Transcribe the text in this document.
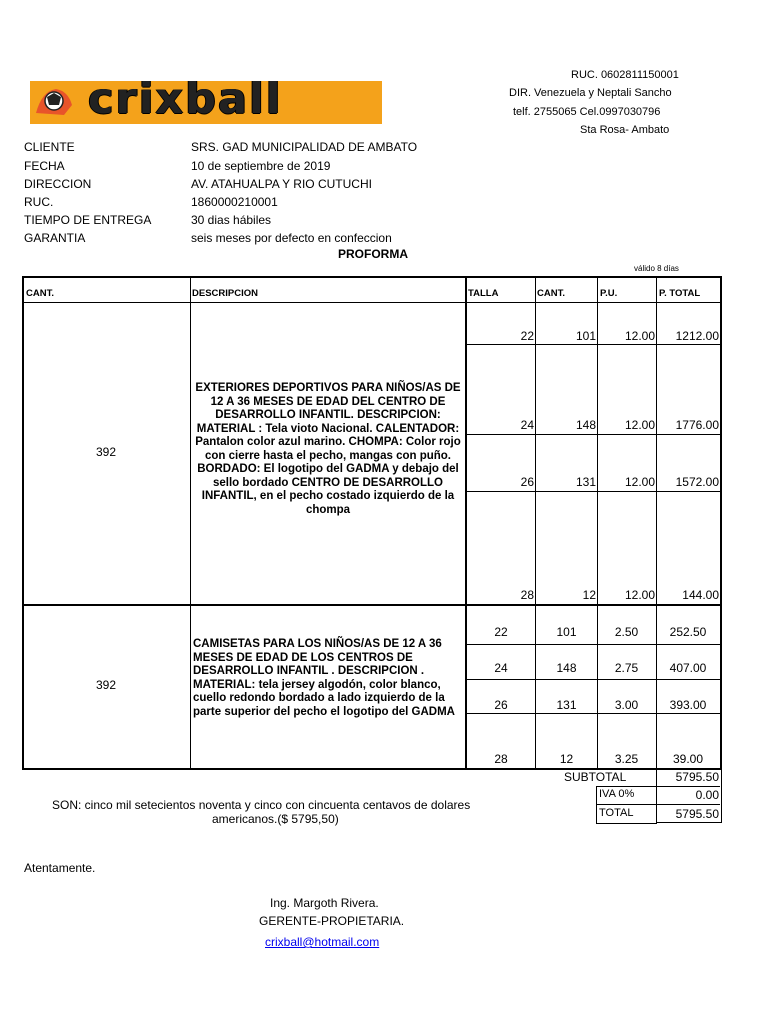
crixball	RUC. 0602811150001
DIR. Venezuela y Neptali Sancho
telf. 2755065 Cel.0997030796
Sta Rosa- Ambato
CLIENTE	SRS. GAD MUNICIPALIDAD DE AMBATO
FECHA	10 de septiembre de 2019
DIRECCION	AV. ATAHUALPA Y RIO CUTUCHI
RUC.	1860000210001
TIEMPO DE ENTREGA	30 dias hábiles
GARANTIA	seis meses por defecto en confeccion
PROFORMA
válido 8 días
CANT.	DESCRIPCION	TALLA	CANT.	P.U.	P. TOTAL
392
EXTERIORES DEPORTIVOS PARA NIÑOS/AS DE 12 A 36 MESES DE EDAD DEL CENTRO DE DESARROLLO INFANTIL. DESCRIPCION: MATERIAL : Tela vioto Nacional. CALENTADOR: Pantalon color azul marino. CHOMPA: Color rojo con cierre hasta el pecho, mangas con puño. BORDADO: El logotipo del GADMA y debajo del sello bordado CENTRO DE DESARROLLO INFANTIL, en el pecho costado izquierdo de la chompa
22	101	12.00	1212.00
24	148	12.00	1776.00
26	131	12.00	1572.00
28	12	12.00	144.00
392
CAMISETAS PARA LOS NIÑOS/AS DE 12 A 36 MESES DE EDAD DE LOS CENTROS DE DESARROLLO INFANTIL . DESCRIPCION . MATERIAL: tela jersey algodón, color blanco, cuello redondo bordado a lado izquierdo de la parte superior del pecho el logotipo del GADMA
22	101	2.50	252.50
24	148	2.75	407.00
26	131	3.00	393.00
28	12	3.25	39.00
SUBTOTAL	5795.50
IVA 0%	0.00
TOTAL	5795.50
SON: cinco mil setecientos noventa y cinco con cincuenta centavos de dolares
americanos.($ 5795,50)
Atentamente.
Ing. Margoth Rivera.
GERENTE-PROPIETARIA.
crixball@hotmail.com
